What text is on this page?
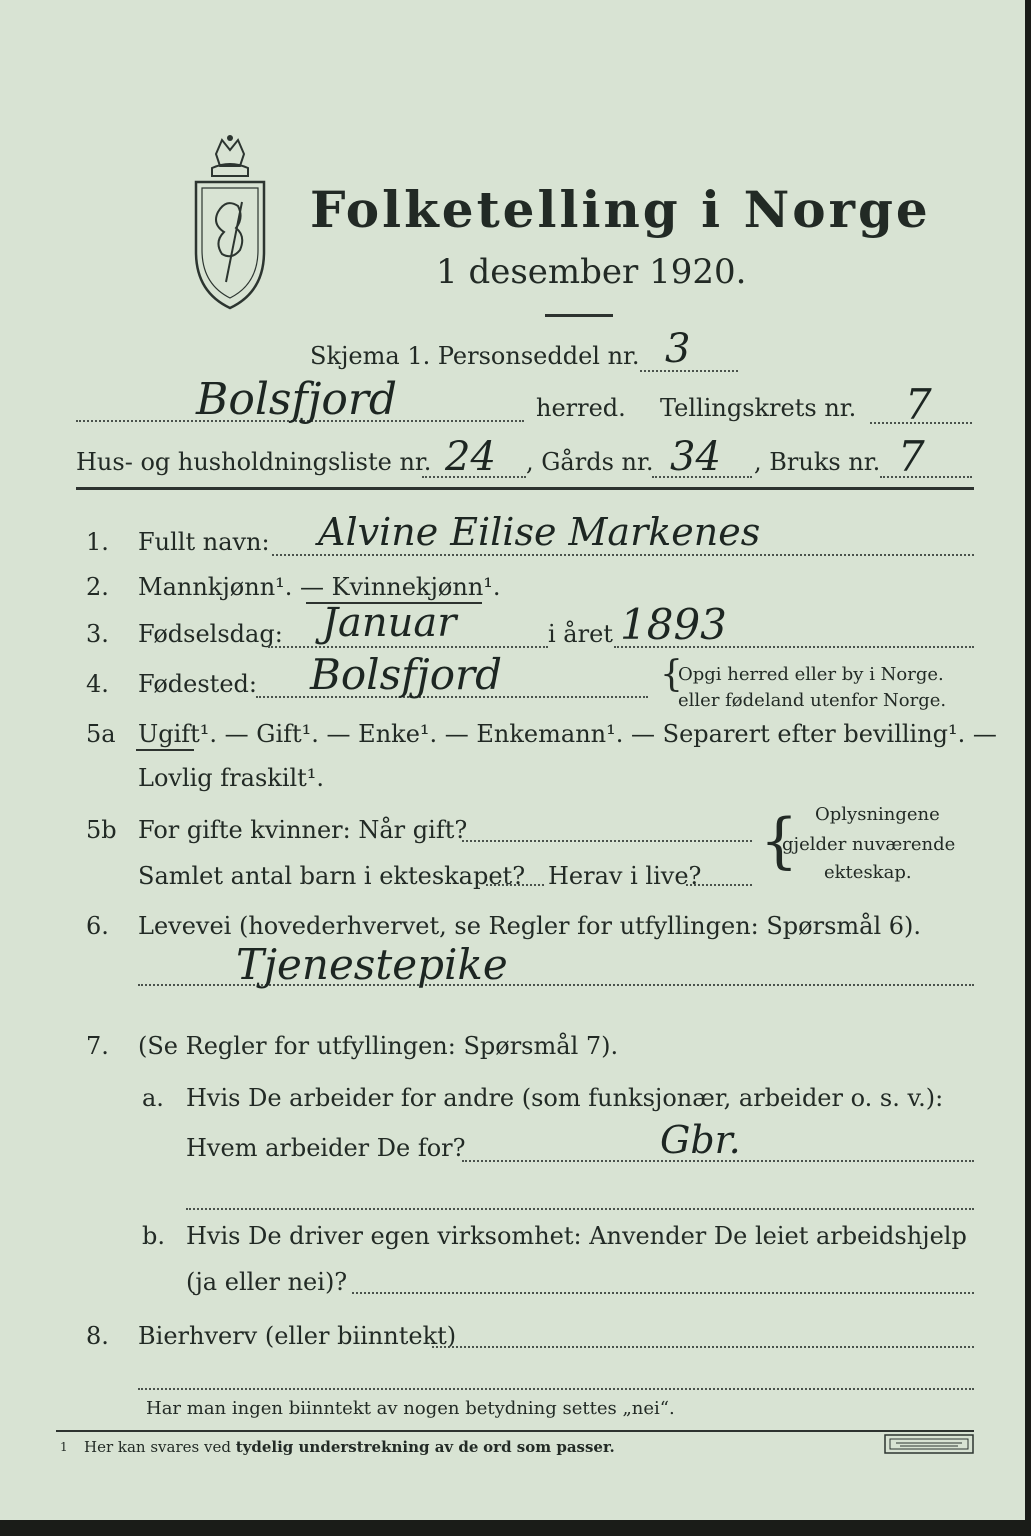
Folketelling i Norge
1 desember 1920.
Skjema 1. Personseddel nr. 3
Bolsfjord	herred. Tellingskrets nr. 7
Hus- og husholdningsliste nr. 24 , Gårds nr. 34 , Bruks nr. 7
1. Fullt navn: Alvine Eilise Markenes
2. Mannkjønn¹. — Kvinnekjønn¹.
3. Fødselsdag: Januar	i året 1893
4. Fødested: Bolsfjord	{
Opgi herred eller by i Norge.
eller fødeland utenfor Norge.
5a Ugift¹. — Gift¹. — Enke¹. — Enkemann¹. — Separert efter bevilling¹. —
Lovlig fraskilt¹.
5b For gifte kvinner: Når gift?
Samlet antal barn i ekteskapet? Herav i live? { Oplysningene
gjelder nuværende
ekteskap.
6. Levevei (hovederhvervet, se Regler for utfyllingen: Spørsmål 6).
Tjenestepike
7. (Se Regler for utfyllingen: Spørsmål 7).
a. Hvis De arbeider for andre (som funksjonær, arbeider o. s. v.):
Hvem arbeider De for?	Gbr.
b. Hvis De driver egen virksomhet: Anvender De leiet arbeidshjelp
(ja eller nei)?
8. Bierhverv (eller biinntekt)
Har man ingen biinntekt av nogen betydning settes „nei“.
1 Her kan svares ved tydelig understrekning av de ord som passer.
